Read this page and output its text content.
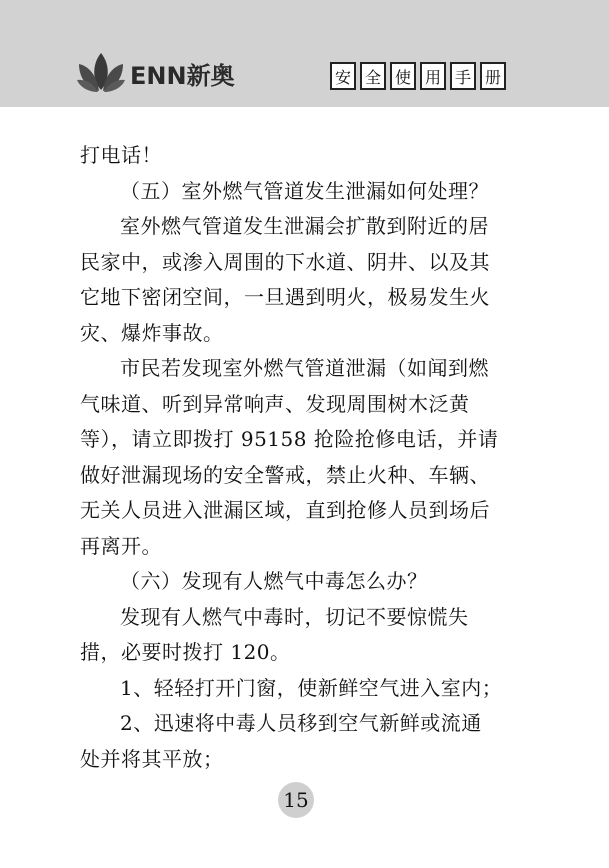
ENN新奥	安 全 使 用 手 册
打电话！
（五）室外燃气管道发生泄漏如何处理？
室外燃气管道发生泄漏会扩散到附近的居
民家中，或渗入周围的下水道、阴井、以及其
它地下密闭空间，一旦遇到明火，极易发生火
灾、爆炸事故。
市民若发现室外燃气管道泄漏（如闻到燃
气味道、听到异常响声、发现周围树木泛黄
等），请立即拨打 95158 抢险抢修电话，并请
做好泄漏现场的安全警戒，禁止火种、车辆、
无关人员进入泄漏区域，直到抢修人员到场后
再离开。
（六）发现有人燃气中毒怎么办？
发现有人燃气中毒时，切记不要惊慌失
措，必要时拨打 120。
1、轻轻打开门窗，使新鲜空气进入室内；
2、迅速将中毒人员移到空气新鲜或流通
处并将其平放；
15
